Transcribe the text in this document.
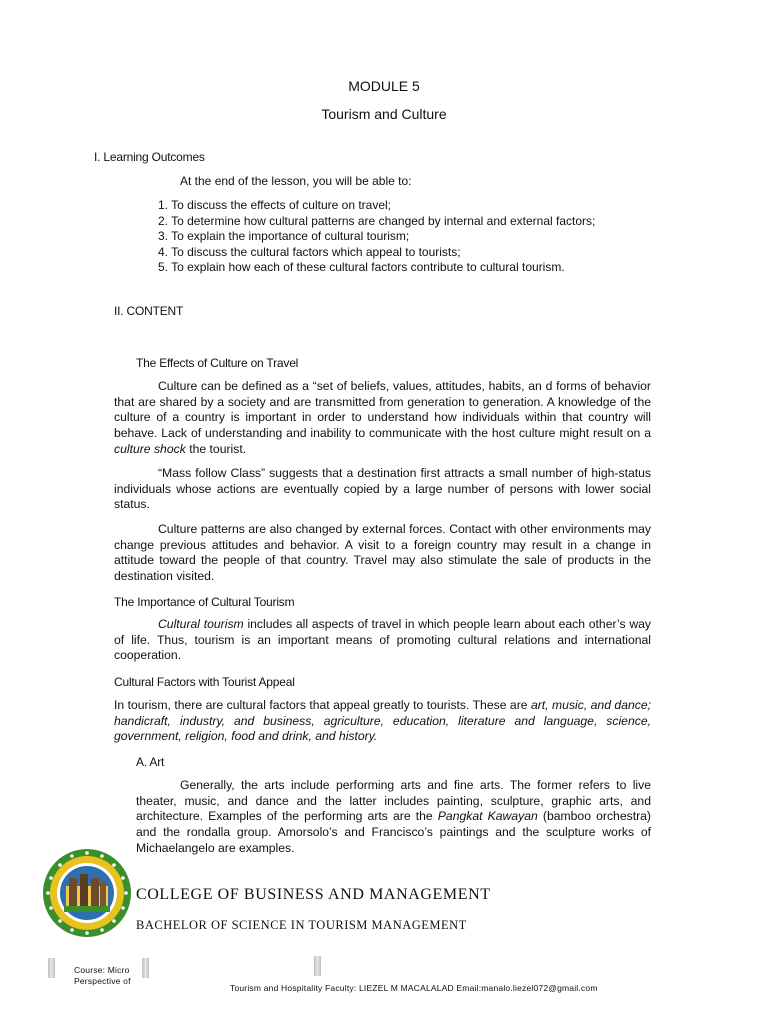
MODULE 5
Tourism and Culture
I. Learning Outcomes
At the end of the lesson, you will be able to:
1. To discuss the effects of culture on travel;
2. To determine how cultural patterns are changed by internal and external factors;
3. To explain the importance of cultural tourism;
4. To discuss the cultural factors which appeal to tourists;
5. To explain how each of these cultural factors contribute to cultural tourism.
II. CONTENT
The Effects of Culture on Travel
Culture can be defined as a “set of beliefs, values, attitudes, habits, an d forms of behavior that are shared by a society and are transmitted from generation to generation. A knowledge of the culture of a country is important in order to understand how individuals within that country will behave. Lack of understanding and inability to communicate with the host culture might result on a culture shock the tourist.
“Mass follow Class” suggests that a destination first attracts a small number of high-status individuals whose actions are eventually copied by a large number of persons with lower social status.
Culture patterns are also changed by external forces. Contact with other environments may change previous attitudes and behavior. A visit to a foreign country may result in a change in attitude toward the people of that country. Travel may also stimulate the sale of products in the destination visited.
The Importance of Cultural Tourism
Cultural tourism includes all aspects of travel in which people learn about each other’s way of life. Thus, tourism is an important means of promoting cultural relations and international cooperation.
Cultural Factors with Tourist Appeal
In tourism, there are cultural factors that appeal greatly to tourists. These are art, music, and dance; handicraft, industry, and business, agriculture, education, literature and language, science, government, religion, food and drink, and history.
A. Art
Generally, the arts include performing arts and fine arts. The former refers to live theater, music, and dance and the latter includes painting, sculpture, graphic arts, and architecture. Examples of the performing arts are the Pangkat Kawayan (bamboo orchestra) and the rondalla group. Amorsolo’s and Francisco’s paintings and the sculpture works of Michaelangelo are examples.
COLLEGE OF BUSINESS AND MANAGEMENT
BACHELOR OF SCIENCE IN TOURISM MANAGEMENT
Course: Micro
Perspective of
Tourism and Hospitality Faculty: LIEZEL M MACALALAD Email:manalo.liezel072@gmail.com
